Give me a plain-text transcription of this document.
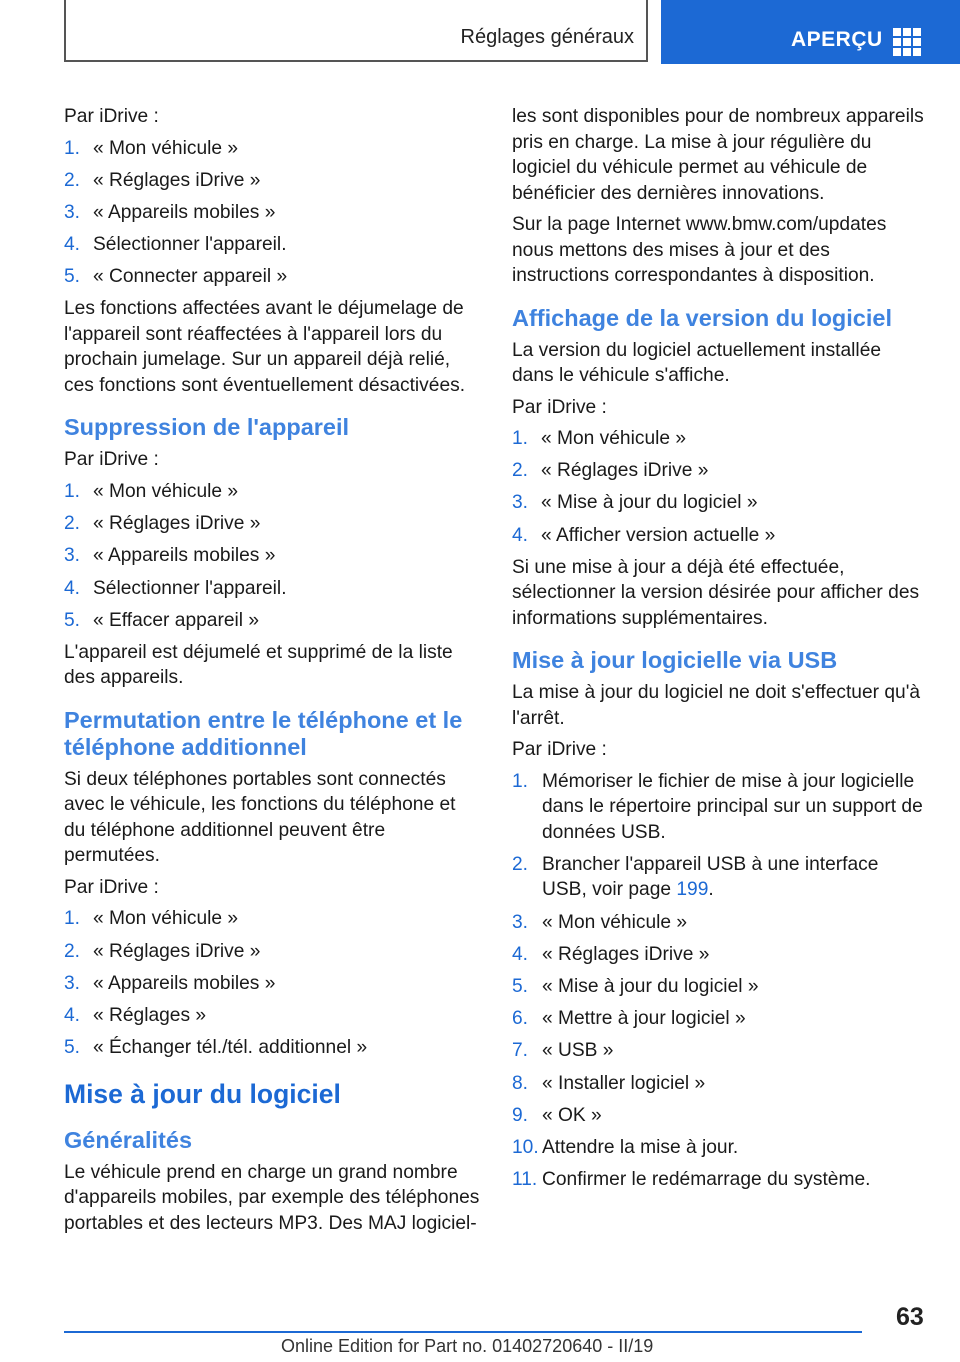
Réglages généraux	APERÇU

Par iDrive :

1. « Mon véhicule »
2. « Réglages iDrive »
3. « Appareils mobiles »
4. Sélectionner l'appareil.
5. « Connecter appareil »

Les fonctions affectées avant le déjumelage de l'appareil sont réaffectées à l'appareil lors du prochain jumelage. Sur un appareil déjà relié, ces fonctions sont éventuellement désactivées.

Suppression de l'appareil

Par iDrive :

1. « Mon véhicule »
2. « Réglages iDrive »
3. « Appareils mobiles »
4. Sélectionner l'appareil.
5. « Effacer appareil »

L'appareil est déjumelé et supprimé de la liste des appareils.

Permutation entre le téléphone et le téléphone additionnel

Si deux téléphones portables sont connectés avec le véhicule, les fonctions du téléphone et du téléphone additionnel peuvent être permutées.

Par iDrive :

1. « Mon véhicule »
2. « Réglages iDrive »
3. « Appareils mobiles »
4. « Réglages »
5. « Échanger tél./tél. additionnel »
Mise à jour du logiciel
Généralités

Le véhicule prend en charge un grand nombre d'appareils mobiles, par exemple des téléphones portables et des lecteurs MP3. Des MAJ logiciel-

les sont disponibles pour de nombreux appareils pris en charge. La mise à jour régulière du logiciel du véhicule permet au véhicule de bénéficier des dernières innovations.

Sur la page Internet www.bmw.com/updates nous mettons des mises à jour et des instructions correspondantes à disposition.

Affichage de la version du logiciel

La version du logiciel actuellement installée dans le véhicule s'affiche.

Par iDrive :

1. « Mon véhicule »
2. « Réglages iDrive »
3. « Mise à jour du logiciel »
4. « Afficher version actuelle »

Si une mise à jour a déjà été effectuée, sélectionner la version désirée pour afficher des informations supplémentaires.

Mise à jour logicielle via USB

La mise à jour du logiciel ne doit s'effectuer qu'à l'arrêt.

Par iDrive :

1. Mémoriser le fichier de mise à jour logicielle dans le répertoire principal sur un support de données USB.
2. Brancher l'appareil USB à une interface USB, voir page 199.
3. « Mon véhicule »
4. « Réglages iDrive »
5. « Mise à jour du logiciel »
6. « Mettre à jour logiciel »
7. « USB »
8. « Installer logiciel »
9. « OK »
10. Attendre la mise à jour.
11. Confirmer le redémarrage du système.
63
Online Edition for Part no. 01402720640 - II/19
